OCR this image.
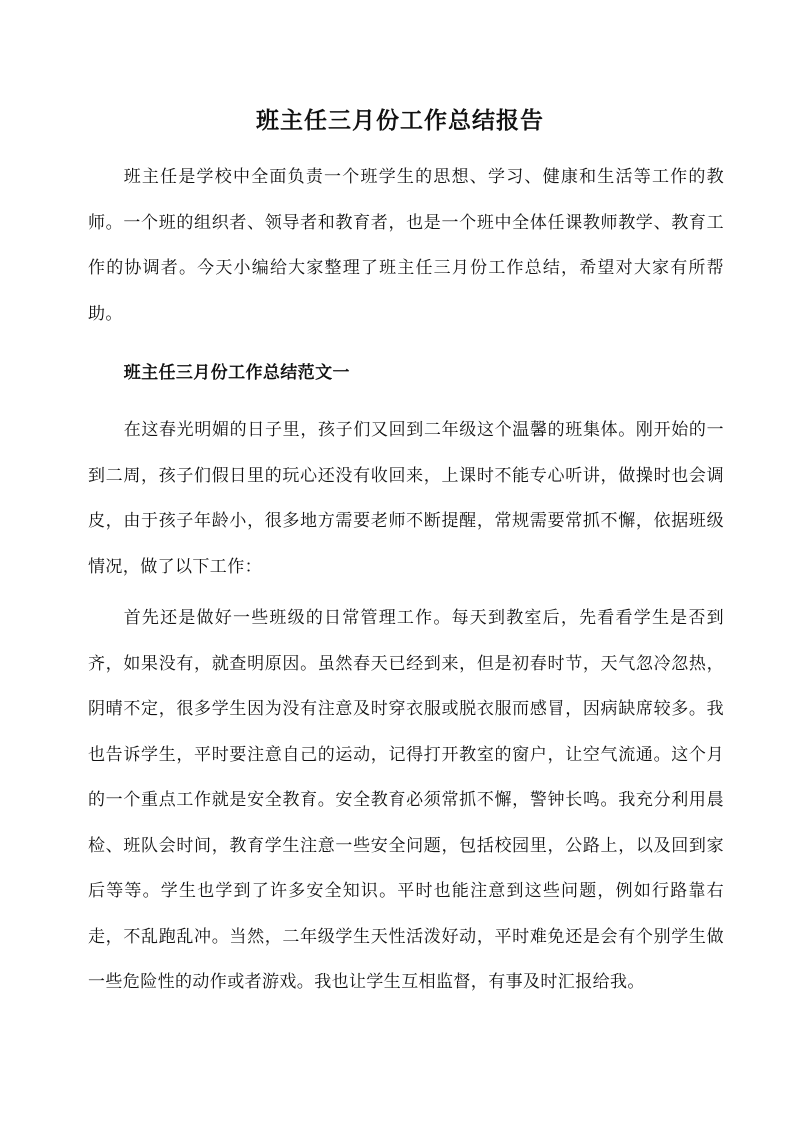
班主任三月份工作总结报告

班主任是学校中全面负责一个班学生的思想、学习、健康和生活等工作的教师。一个班的组织者、领导者和教育者，也是一个班中全体任课教师教学、教育工作的协调者。今天小编给大家整理了班主任三月份工作总结，希望对大家有所帮助。

班主任三月份工作总结范文一

在这春光明媚的日子里，孩子们又回到二年级这个温馨的班集体。刚开始的一到二周，孩子们假日里的玩心还没有收回来，上课时不能专心听讲，做操时也会调皮，由于孩子年龄小，很多地方需要老师不断提醒，常规需要常抓不懈，依据班级情况，做了以下工作：

首先还是做好一些班级的日常管理工作。每天到教室后，先看看学生是否到齐，如果没有，就查明原因。虽然春天已经到来，但是初春时节，天气忽冷忽热，阴晴不定，很多学生因为没有注意及时穿衣服或脱衣服而感冒，因病缺席较多。我也告诉学生，平时要注意自己的运动，记得打开教室的窗户，让空气流通。这个月的一个重点工作就是安全教育。安全教育必须常抓不懈，警钟长鸣。我充分利用晨检、班队会时间，教育学生注意一些安全问题，包括校园里，公路上，以及回到家后等等。学生也学到了许多安全知识。平时也能注意到这些问题，例如行路靠右走，不乱跑乱冲。当然，二年级学生天性活泼好动，平时难免还是会有个别学生做一些危险性的动作或者游戏。我也让学生互相监督，有事及时汇报给我。
